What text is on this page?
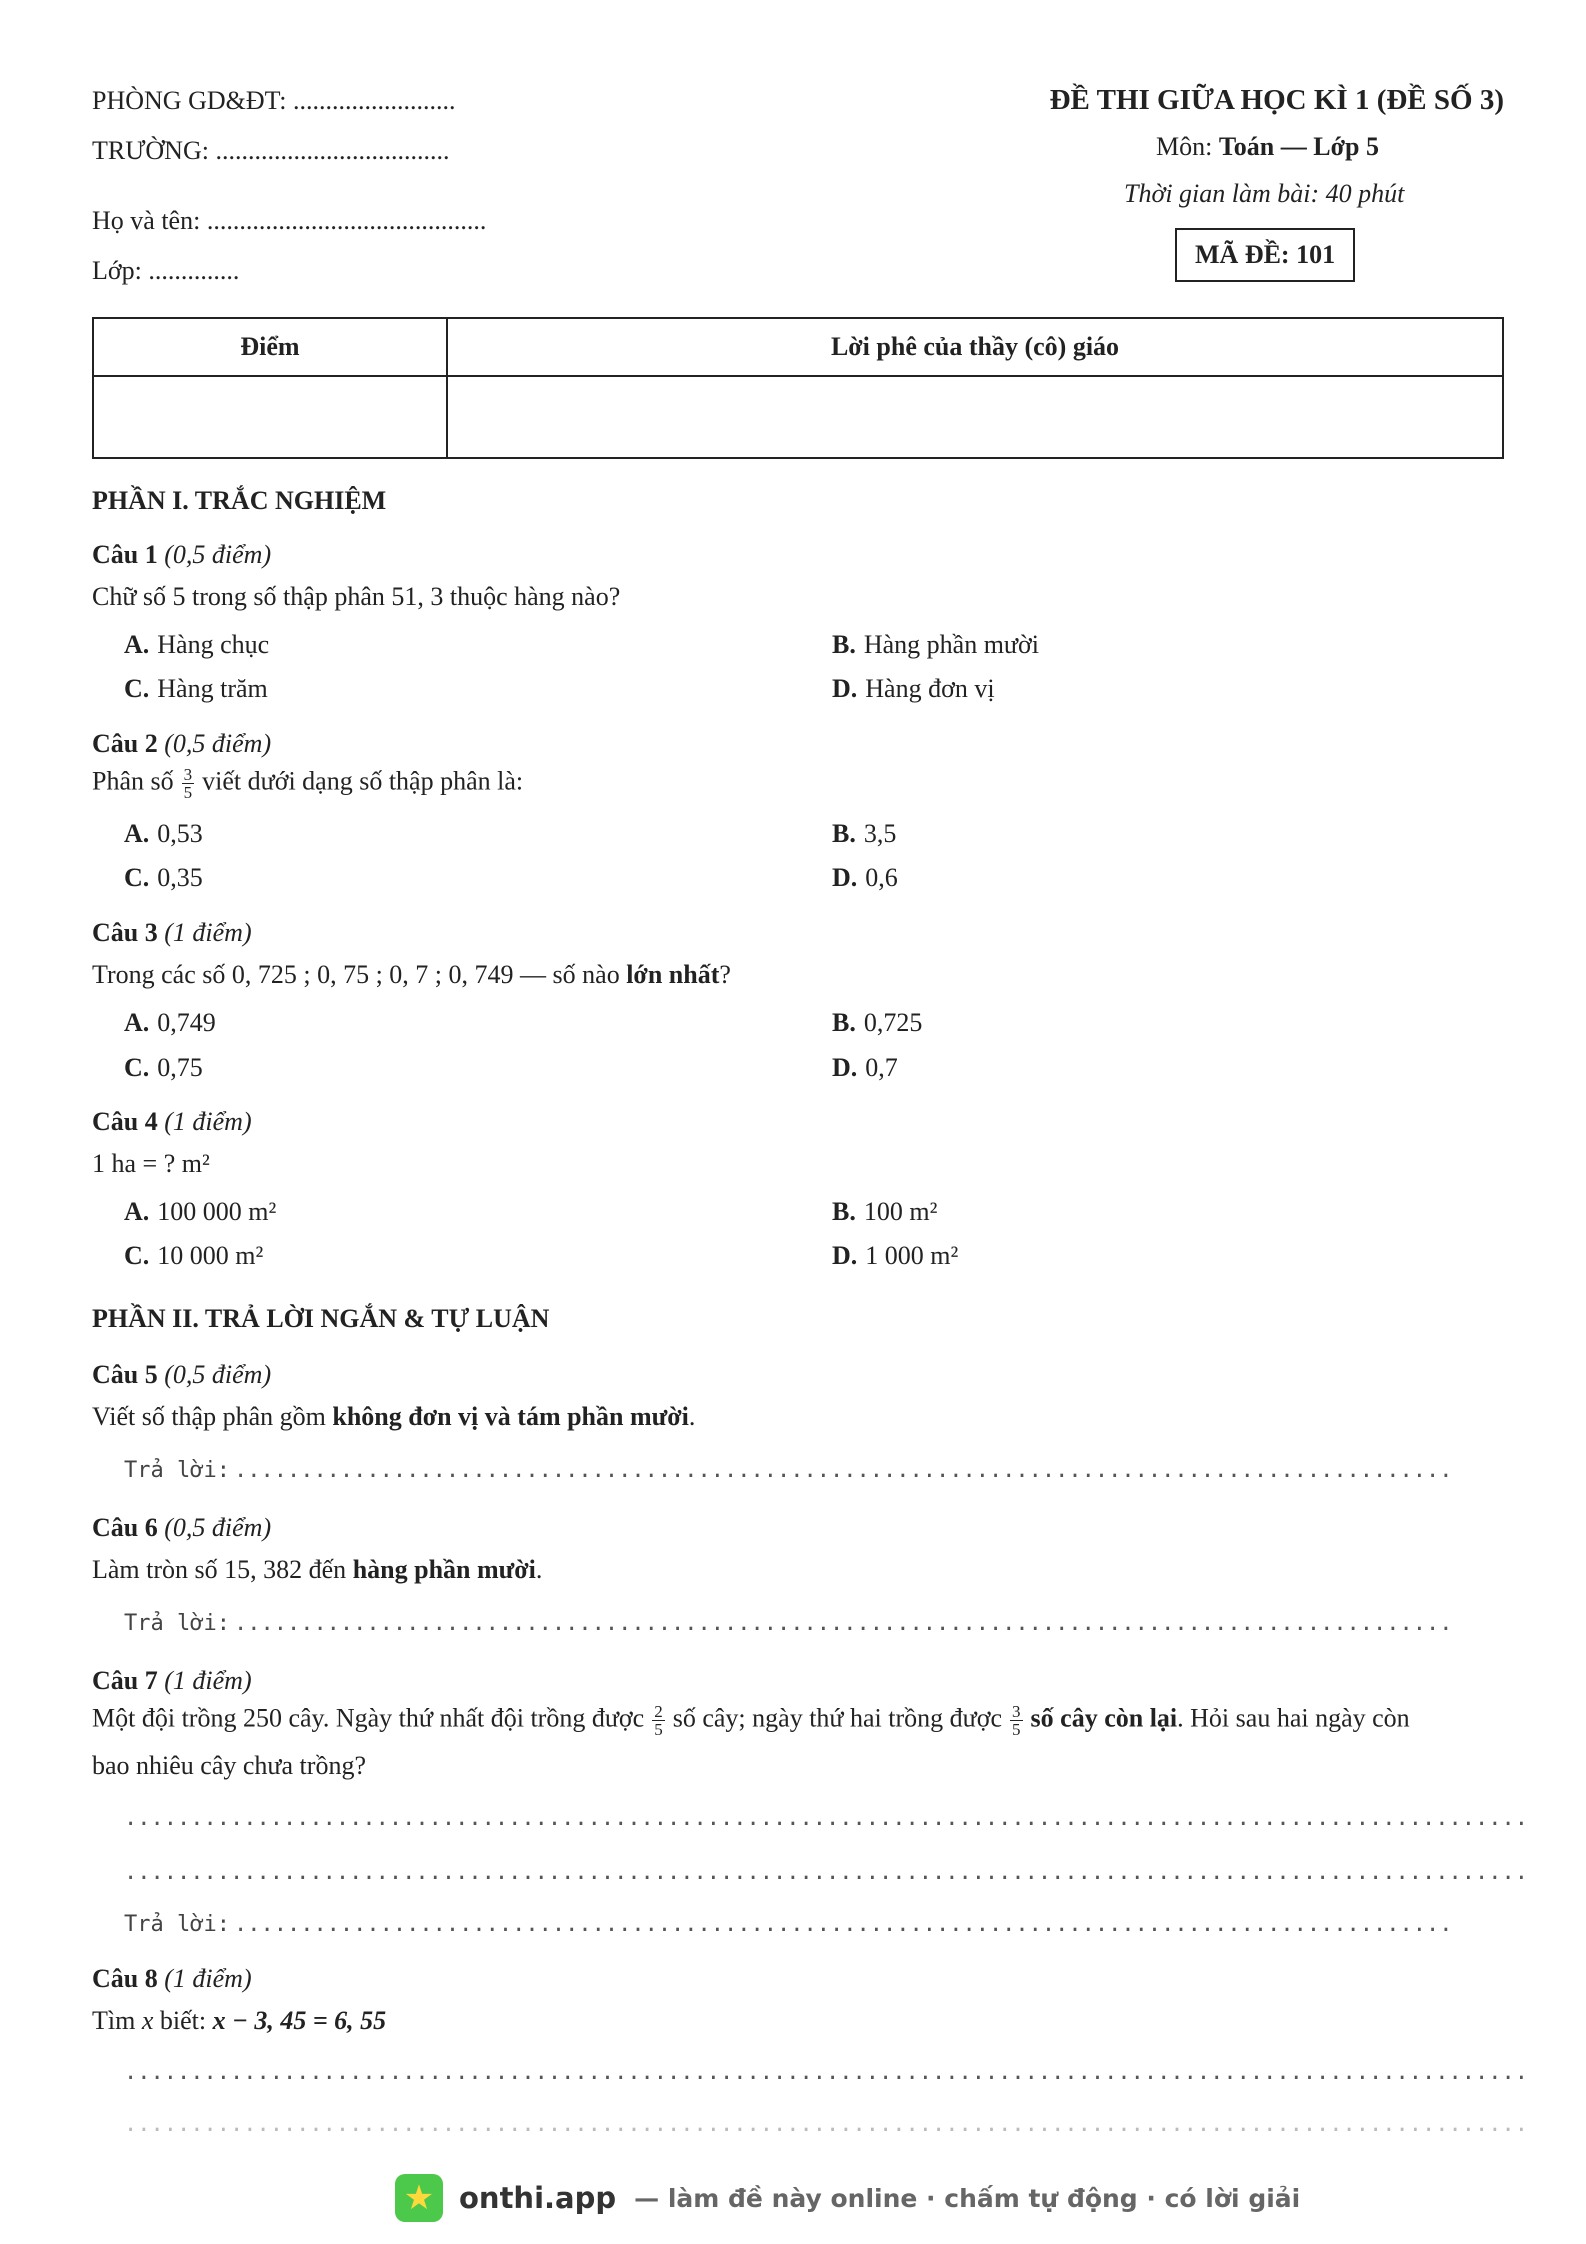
PHÒNG GD&ĐT: .........................
TRƯỜNG: ....................................
Họ và tên: ...........................................
Lớp: ..............
ĐỀ THI GIỮA HỌC KÌ 1 (ĐỀ SỐ 3)
Môn: Toán — Lớp 5
Thời gian làm bài: 40 phút
MÃ ĐỀ: 101
Điểm	Lời phê của thầy (cô) giáo

PHẦN I. TRẮC NGHIỆM
Câu 1 (0,5 điểm)
Chữ số 5 trong số thập phân 51, 3 thuộc hàng nào?
A. Hàng chục	B. Hàng phần mười
C. Hàng trăm	D. Hàng đơn vị
Câu 2 (0,5 điểm)
Phân số $\frac{3}{5}$ viết dưới dạng số thập phân là:
A. 0,53	B. 3,5
C. 0,35	D. 0,6
Câu 3 (1 điểm)
Trong các số 0, 725 ; 0, 75 ; 0, 7 ; 0, 749 — số nào lớn nhất?
A. 0,749	B. 0,725
C. 0,75	D. 0,7
Câu 4 (1 điểm)
1 ha = ? m²
A. 100 000 m²	B. 100 m²
C. 10 000 m²	D. 1 000 m²
PHẦN II. TRẢ LỜI NGẮN & TỰ LUẬN
Câu 5 (0,5 điểm)
Viết số thập phân gồm không đơn vị và tám phần mười.
Trả lời: ............................................................................................
Câu 6 (0,5 điểm)
Làm tròn số 15, 382 đến hàng phần mười.
Trả lời: ............................................................................................
Câu 7 (1 điểm)
Một đội trồng 250 cây. Ngày thứ nhất đội trồng được $\frac{2}{5}$ số cây; ngày thứ hai trồng được $\frac{3}{5}$ số cây còn lại. Hỏi sau hai ngày còn
bao nhiêu cây chưa trồng?
..........................................................................................................
..........................................................................................................
Trả lời: ............................................................................................
Câu 8 (1 điểm)
Tìm x biết: x − 3, 45 = 6, 55
..........................................................................................................
..........................................................................................................
★ onthi.app — làm đề này online · chấm tự động · có lời giải
